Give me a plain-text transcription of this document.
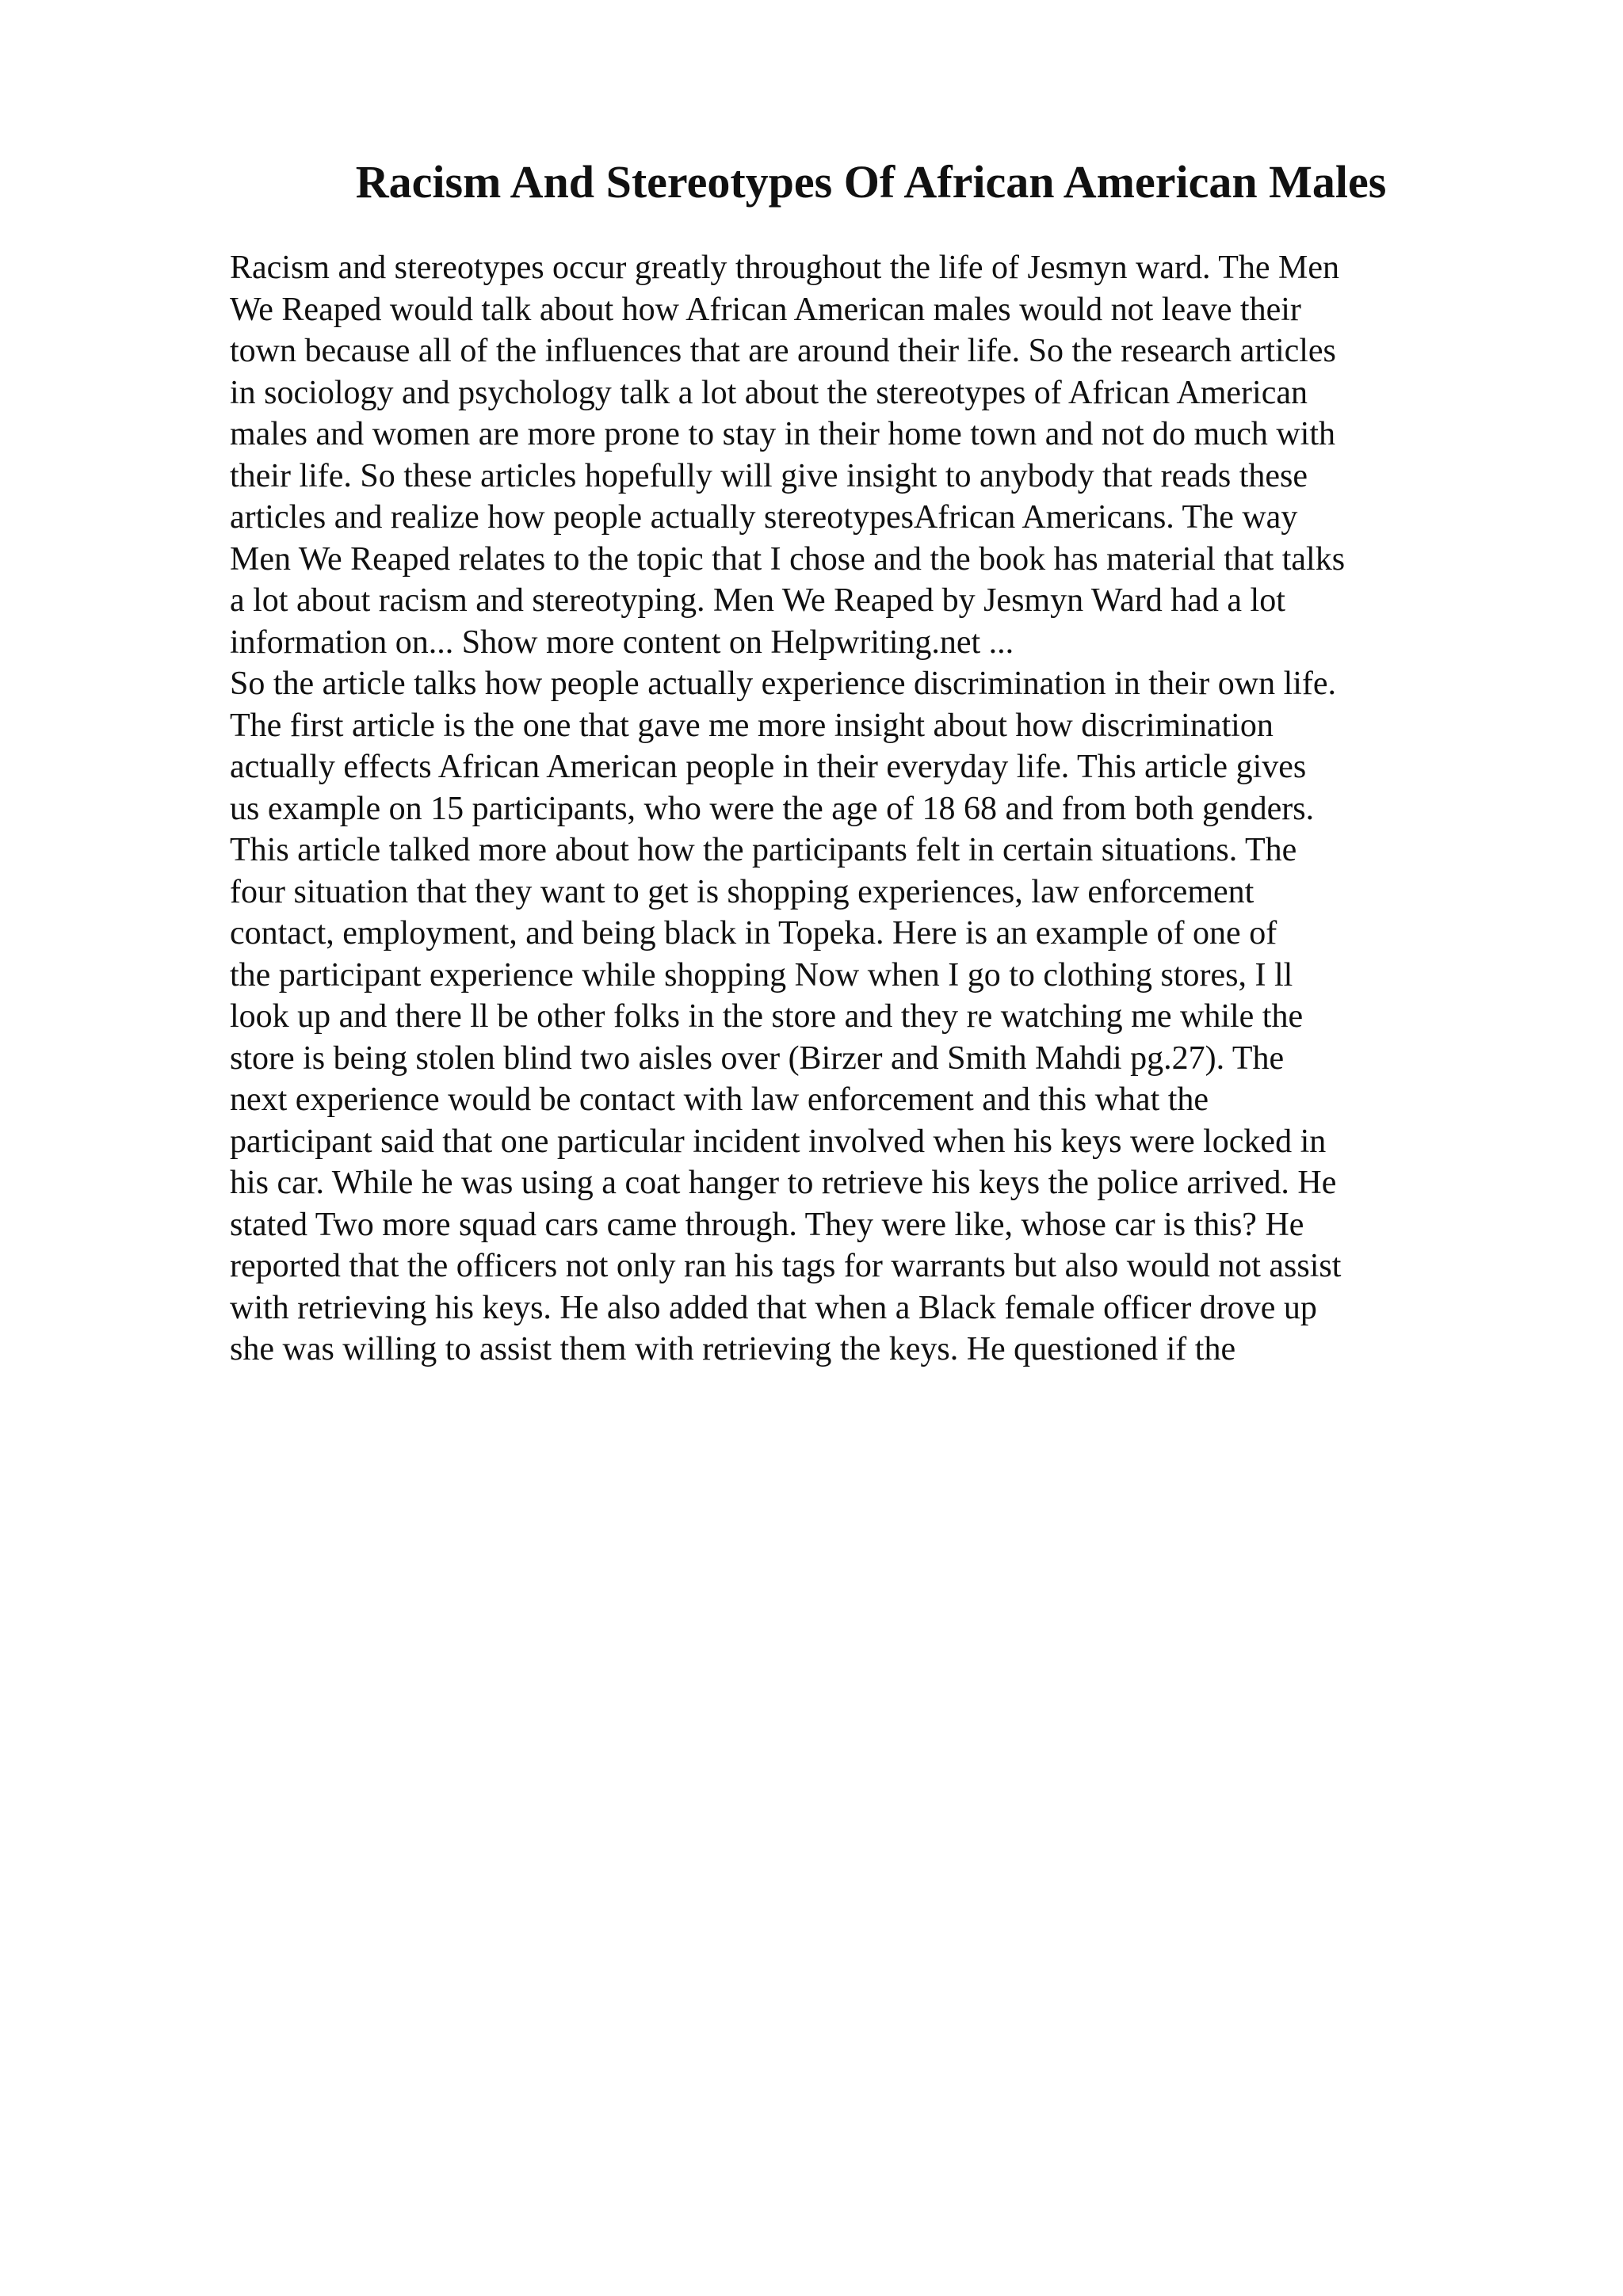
Racism And Stereotypes Of African American Males
Racism and stereotypes occur greatly throughout the life of Jesmyn ward. The Men
We Reaped would talk about how African American males would not leave their
town because all of the influences that are around their life. So the research articles
in sociology and psychology talk a lot about the stereotypes of African American
males and women are more prone to stay in their home town and not do much with
their life. So these articles hopefully will give insight to anybody that reads these
articles and realize how people actually stereotypesAfrican Americans. The way
Men We Reaped relates to the topic that I chose and the book has material that talks
a lot about racism and stereotyping. Men We Reaped by Jesmyn Ward had a lot
information on... Show more content on Helpwriting.net ...
So the article talks how people actually experience discrimination in their own life.
The first article is the one that gave me more insight about how discrimination
actually effects African American people in their everyday life. This article gives
us example on 15 participants, who were the age of 18 68 and from both genders.
This article talked more about how the participants felt in certain situations. The
four situation that they want to get is shopping experiences, law enforcement
contact, employment, and being black in Topeka. Here is an example of one of
the participant experience while shopping Now when I go to clothing stores, I ll
look up and there ll be other folks in the store and they re watching me while the
store is being stolen blind two aisles over (Birzer and Smith Mahdi pg.27). The
next experience would be contact with law enforcement and this what the
participant said that one particular incident involved when his keys were locked in
his car. While he was using a coat hanger to retrieve his keys the police arrived. He
stated Two more squad cars came through. They were like, whose car is this? He
reported that the officers not only ran his tags for warrants but also would not assist
with retrieving his keys. He also added that when a Black female officer drove up
she was willing to assist them with retrieving the keys. He questioned if the
